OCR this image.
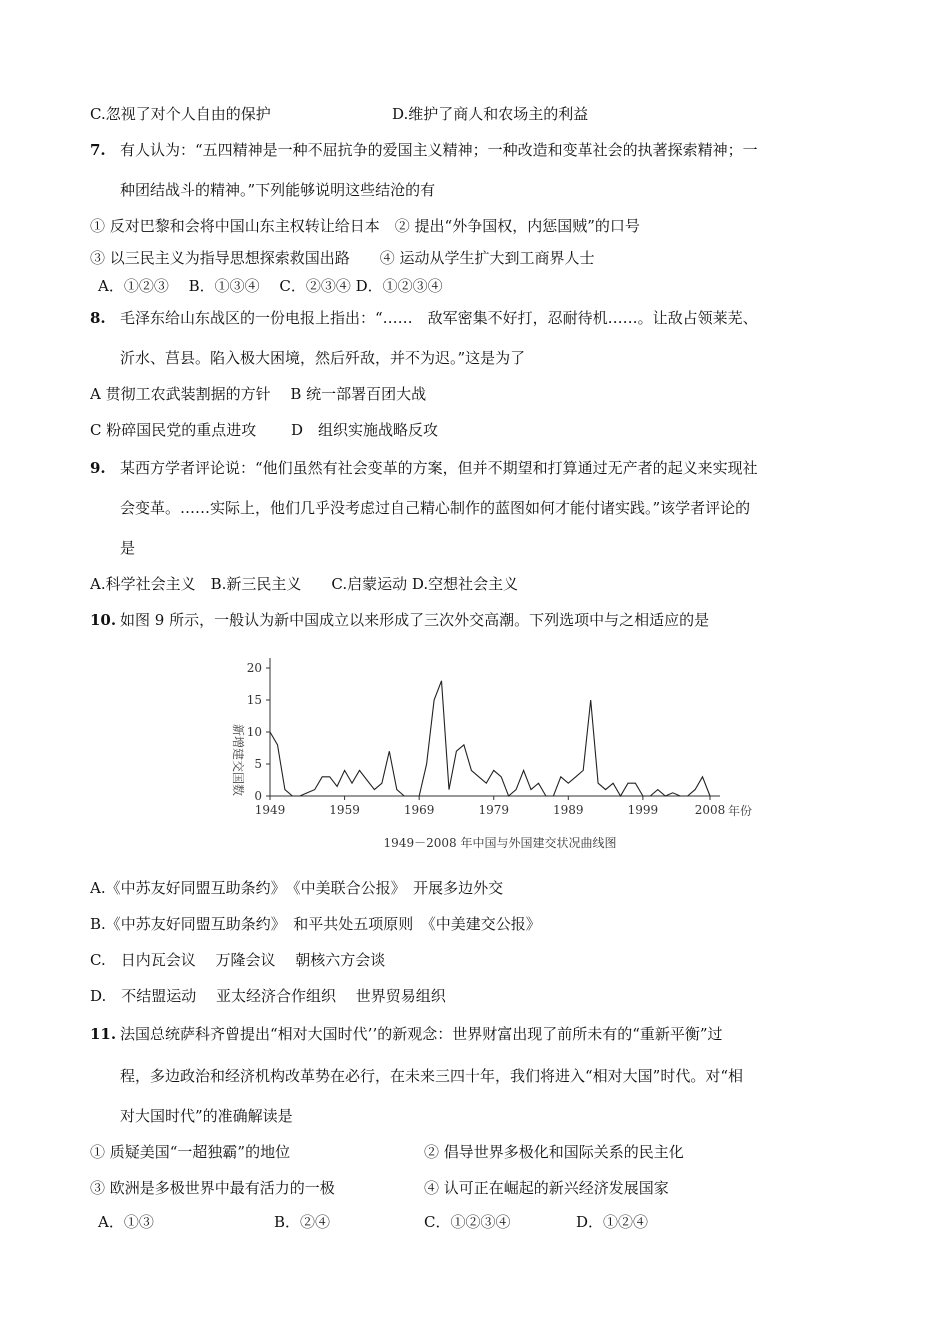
C.忽视了对个人自由的保护	D.维护了商人和农场主的利益
7. 有人认为：“五四精神是一种不屈抗争的爱国主义精神；一种改造和变革社会的执著探索精神；一
种团结战斗的精神。”下列能够说明这些结沧的有
① 反对巴黎和会将中国山东主权转让给日本　② 提出“外争国权，内惩国贼”的口号
③ 以三民主义为指导思想探索救国出路　　④ 运动从学生扩大到工商界人士
A．①②③　 B．①③④　 C．②③④ D．①②③④
8. 毛泽东给山东战区的一份电报上指出：“……　敌军密集不好打，忍耐待机……。让敌占领莱芜、
沂水、莒县。陷入极大困境，然后歼敌，并不为迟。”这是为了
A 贯彻工农武装割据的方针　 B 统一部署百团大战
C 粉碎国民党的重点进攻　　 D　组织实施战略反攻
9. 某西方学者评论说：“他们虽然有社会变革的方案，但并不期望和打算通过无产者的起义来实现社
会变革。……实际上，他们几乎没考虑过自己精心制作的蓝图如何才能付诸实践。”该学者评论的
是
A.科学社会主义　B.新三民主义　　C.启蒙运动 D.空想社会主义
10. 如图 9 所示，一般认为新中国成立以来形成了三次外交高潮。下列选项中与之相适应的是
新增建交国数
年份
1949－2008 年中国与外国建交状况曲线图
0
5
10
15
20
1949	1959	1969	1979	1989	1999	2008
A.《中苏友好同盟互助条约》　《中美联合公报》　开展多边外交
B.《中苏友好同盟互助条约》　和平共处五项原则　《中美建交公报》
C.　日内瓦会议　 万隆会议　 朝核六方会谈
D.　不结盟运动　 亚太经济合作组织　 世界贸易组织
11. 法国总统萨科齐曾提出“相对大国时代’’的新观念：世界财富出现了前所未有的“重新平衡”过
程，多边政治和经济机构改革势在必行，在未来三四十年，我们将进入“相对大国”时代。对“相
对大国时代”的准确解读是
① 质疑美国“一超独霸”的地位	② 倡导世界多极化和国际关系的民主化
③ 欧洲是多极世界中最有活力的一极	④ 认可正在崛起的新兴经济发展国家
A．①③	B．②④	C．①②③④	D．①②④
